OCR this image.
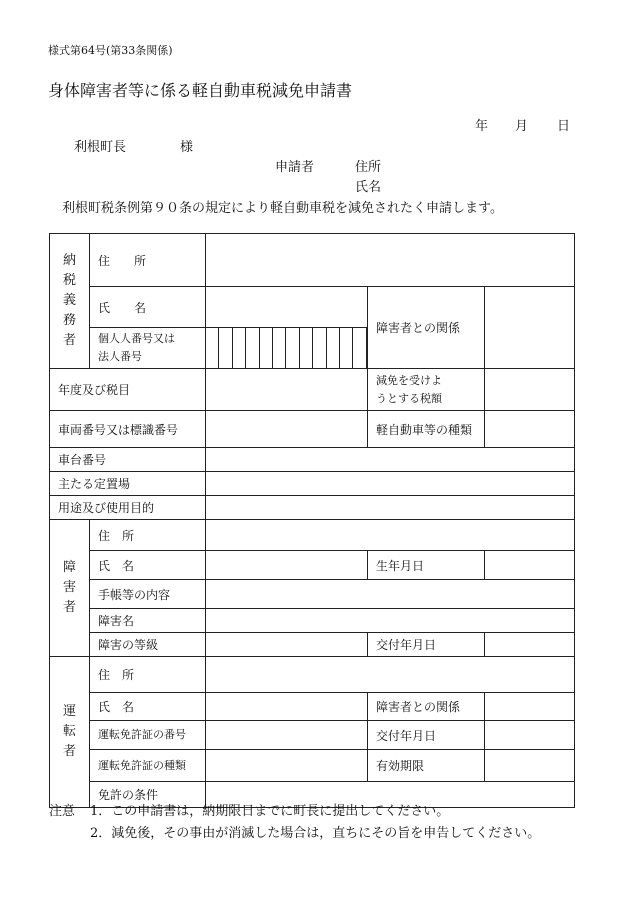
様式第64号(第33条関係)
身体障害者等に係る軽自動車税減免申請書
年 月 日
利根町長	様
申請者	住所
氏名
利根町税条例第９０条の規定により軽自動車税を減免されたく申請します。
納
税
義
務
者	住　　所			
	氏　　名		障害者との関係	
	個人人番号又は
法人番号			

年度及び税目			減免を受けよ
うとする税額	
車両番号又は標識番号			軽自動車等の種類	
車台番号				
主たる定置場				
用途及び使用目的				
障
害
者	住　所			
	氏　名		生年月日	
	手帳等の内容			
	障害名			
	障害の等級		交付年月日	
運
転
者	住　所			
	氏　名		障害者との関係	
	運転免許証の番号		交付年月日	
	運転免許証の種類		有効期限	
	免許の条件			
注意 1．この申請書は，納期限日までに町長に提出してください。
2．減免後，その事由が消滅した場合は，直ちにその旨を申告してください。
